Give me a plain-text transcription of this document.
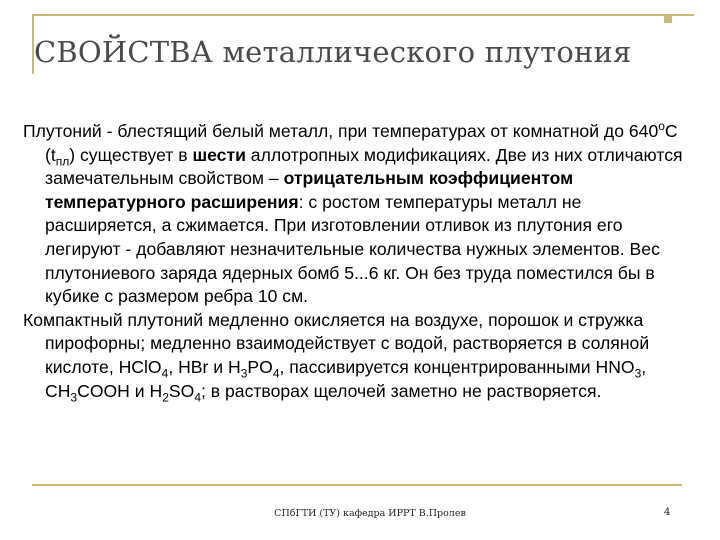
СВОЙСТВА металлического плутония

Плутоний - блестящий белый металл, при температурах от комнатной до $640^оС$ $(t_{пл})$ существует в шести аллотропных модификациях. Две из них отличаются замечательным свойством – отрицательным коэффициентом температурного расширения: с ростом температуры металл не расширяется, а сжимается. При изготовлении отливок из плутония его легируют - добавляют незначительные количества нужных элементов. Вес плутониевого заряда ядерных бомб 5...6 кг. Он без труда поместился бы в кубике с размером ребра 10 см.

Компактный плутоний медленно окисляется на воздухе, порошок и стружка пирофорны; медленно взаимодействует с водой, растворяется в соляной кислоте, HClO$_4$, HBr и $H_3PO_4$, пассивируется концентрированными $HNO_3$, $CH_3COOH$ и $H_2SO_4$; в растворах щелочей заметно не растворяется.

СПбГТИ (ТУ) кафедра ИРРТ В.Пролев	4
